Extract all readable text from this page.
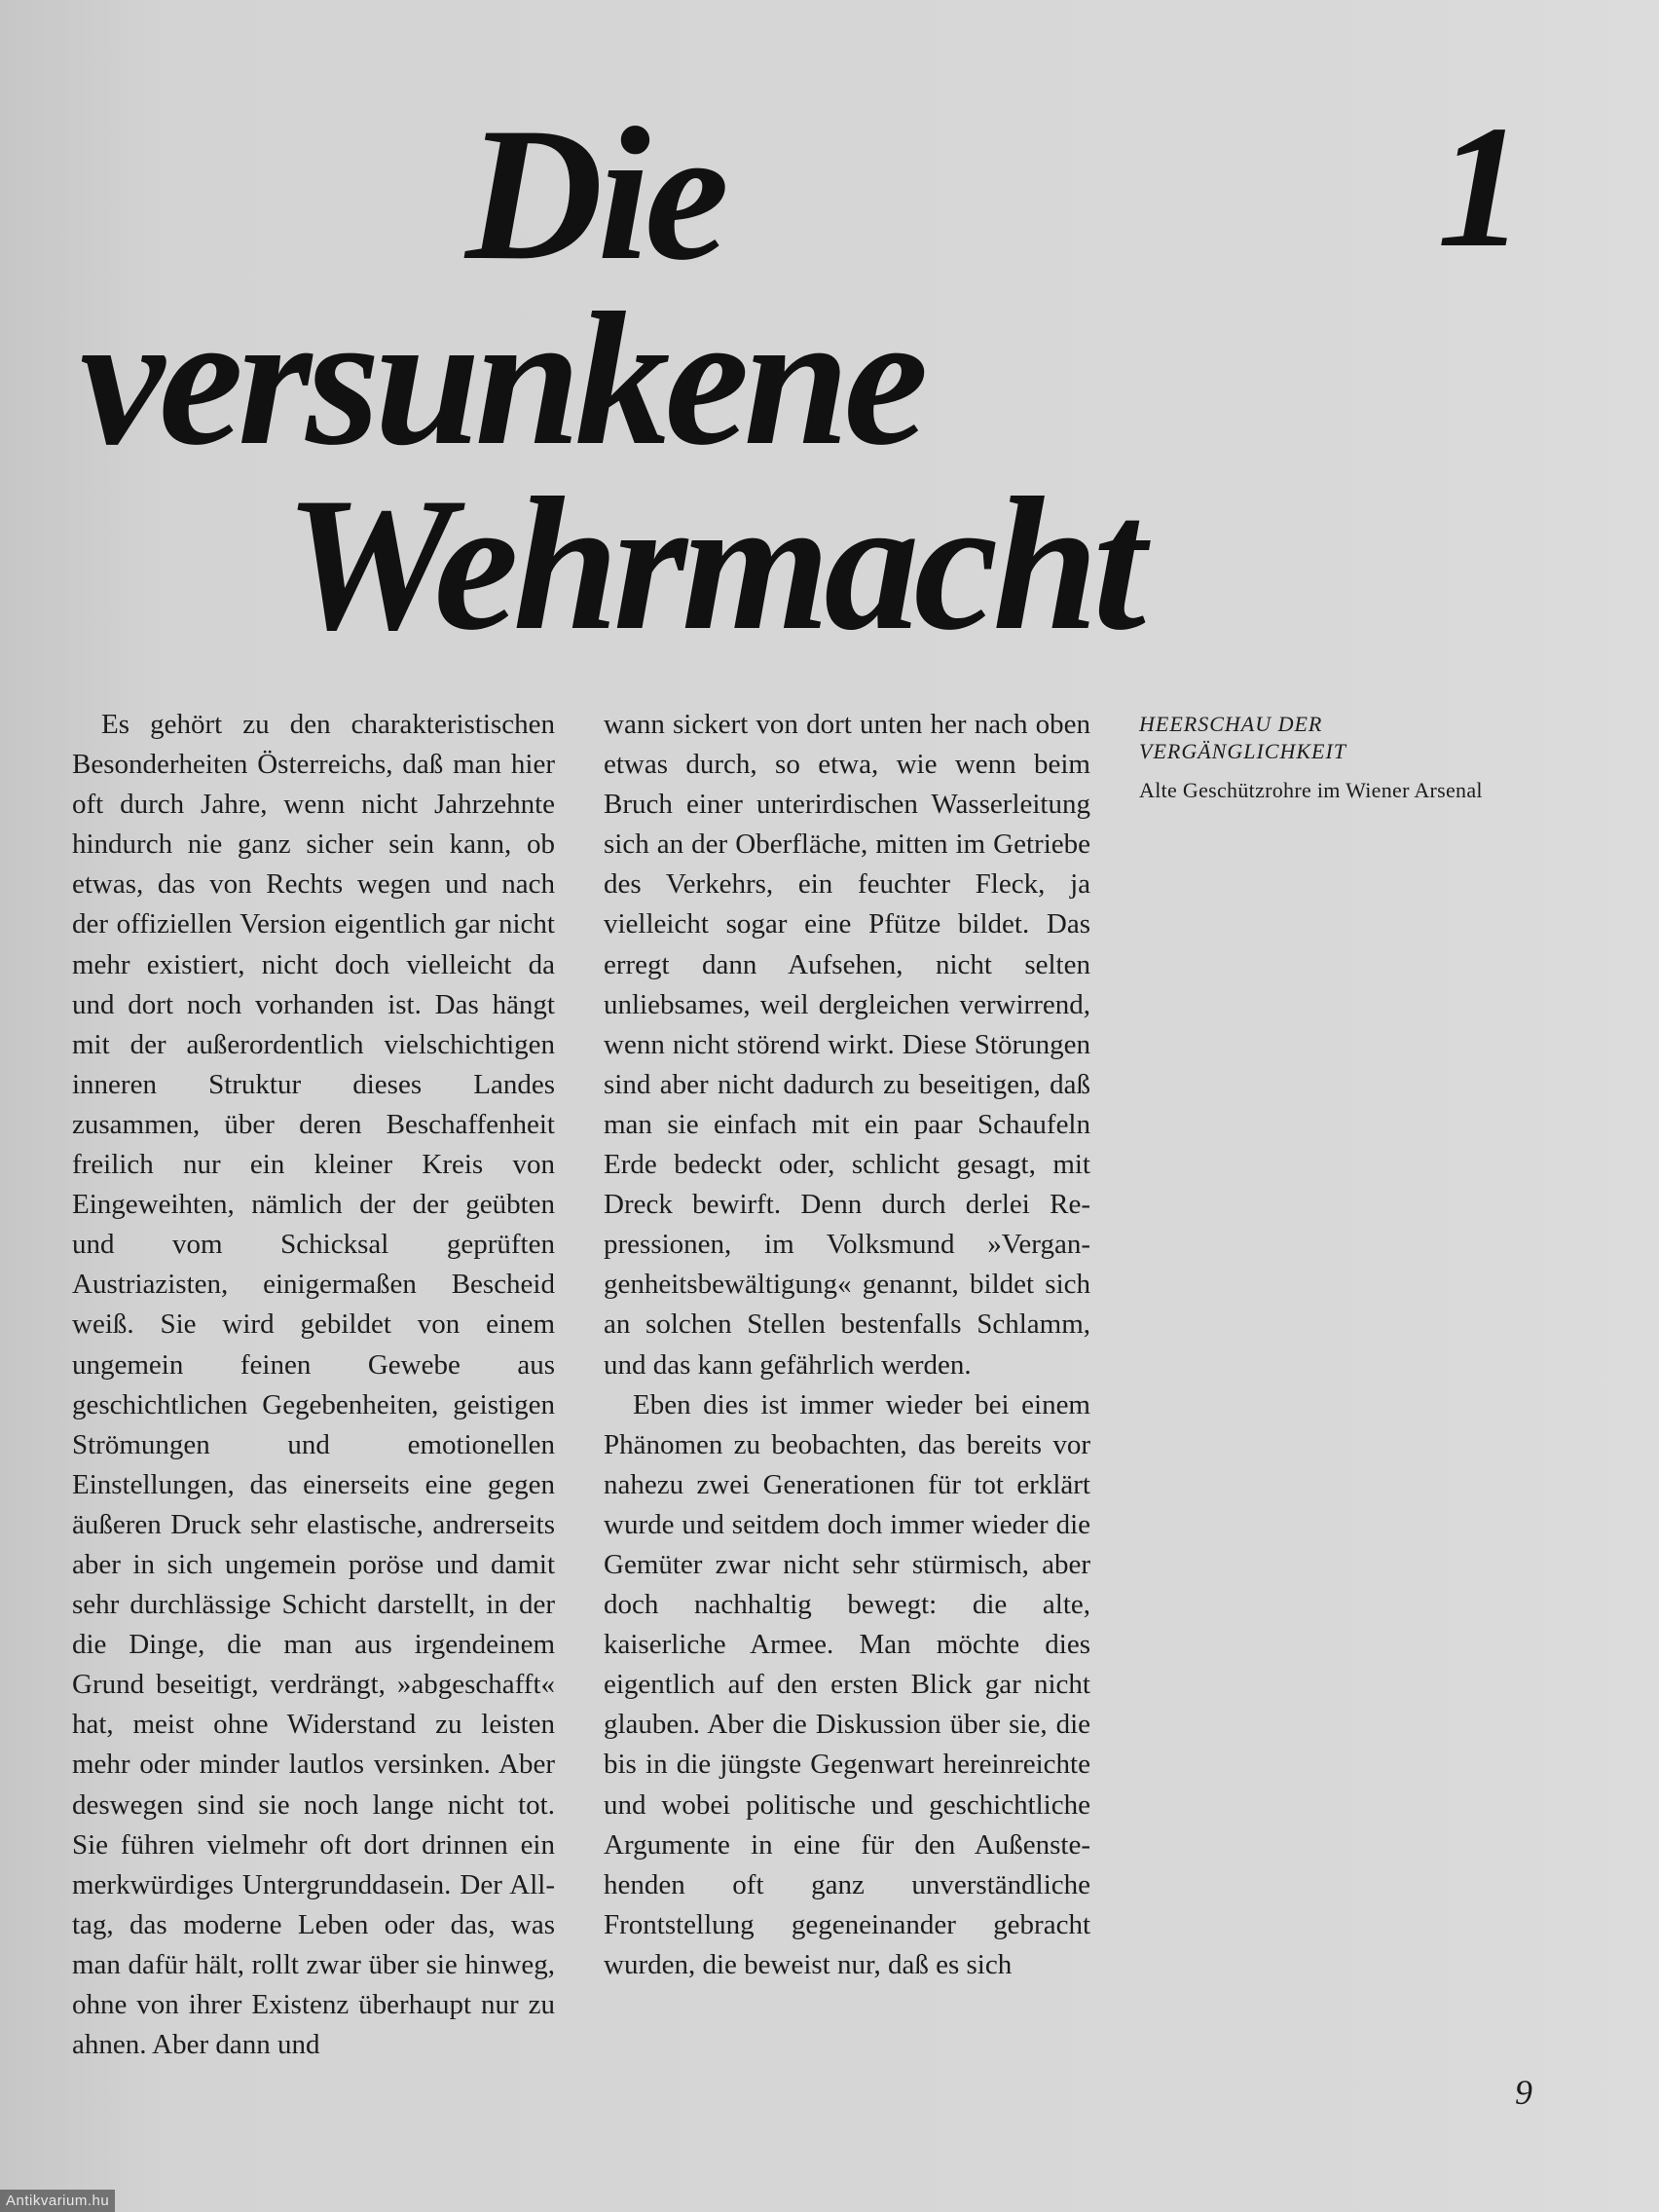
Die
versunkene
Wehrmacht
1

Es gehört zu den charakteristischen Besonderheiten Österreichs, daß man hier oft durch Jahre, wenn nicht Jahrzehnte hindurch nie ganz sicher sein kann, ob etwas, das von Rechts wegen und nach der offiziellen Version eigentlich gar nicht mehr existiert, nicht doch vielleicht da und dort noch vorhanden ist. Das hängt mit der außerordentlich vielschichtigen inneren Struktur dieses Landes zusammen, über deren Beschaffenheit freilich nur ein kleiner Kreis von Eingeweihten, nämlich der der geübten und vom Schicksal geprüften Austriazisten, einigermaßen Bescheid weiß. Sie wird gebildet von einem ungemein feinen Gewebe aus geschichtlichen Gegebenheiten, geistigen Strömungen und emotionellen Einstellungen, das einerseits eine gegen äußeren Druck sehr elastische, andrerseits aber in sich ungemein poröse und damit sehr durchlässige Schicht darstellt, in der die Dinge, die man aus irgendeinem Grund beseitigt, verdrängt, »abgeschafft« hat, meist ohne Widerstand zu leisten mehr oder minder lautlos versinken. Aber deswegen sind sie noch lange nicht tot. Sie führen vielmehr oft dort drinnen ein merkwürdiges Untergrunddasein. Der Alltag, das moderne Leben oder das, was man dafür hält, rollt zwar über sie hinweg, ohne von ihrer Existenz überhaupt nur zu ahnen. Aber dann und

wann sickert von dort unten her nach oben etwas durch, so etwa, wie wenn beim Bruch einer unterirdischen Wasserleitung sich an der Oberfläche, mitten im Getriebe des Verkehrs, ein feuchter Fleck, ja vielleicht sogar eine Pfütze bildet. Das erregt dann Aufsehen, nicht selten unliebsames, weil dergleichen verwirrend, wenn nicht störend wirkt. Diese Störungen sind aber nicht dadurch zu beseitigen, daß man sie einfach mit ein paar Schaufeln Erde bedeckt oder, schlicht gesagt, mit Dreck bewirft. Denn durch derlei Repressionen, im Volksmund »Vergangenheitsbewältigung« genannt, bildet sich an solchen Stellen bestenfalls Schlamm, und das kann gefährlich werden.

Eben dies ist immer wieder bei einem Phänomen zu beobachten, das bereits vor nahezu zwei Generationen für tot erklärt wurde und seitdem doch immer wieder die Gemüter zwar nicht sehr stürmisch, aber doch nachhaltig bewegt: die alte, kaiserliche Armee. Man möchte dies eigentlich auf den ersten Blick gar nicht glauben. Aber die Diskussion über sie, die bis in die jüngste Gegenwart hereinreichte und wobei politische und geschichtliche Argumente in eine für den Außenstehenden oft ganz unverständliche Frontstellung gegeneinander gebracht wurden, die beweist nur, daß es sich

HEERSCHAU DER
VERGÄNGLICHKEIT

Alte Geschützrohre im Wiener Arsenal
9
Antikvarium.hu
